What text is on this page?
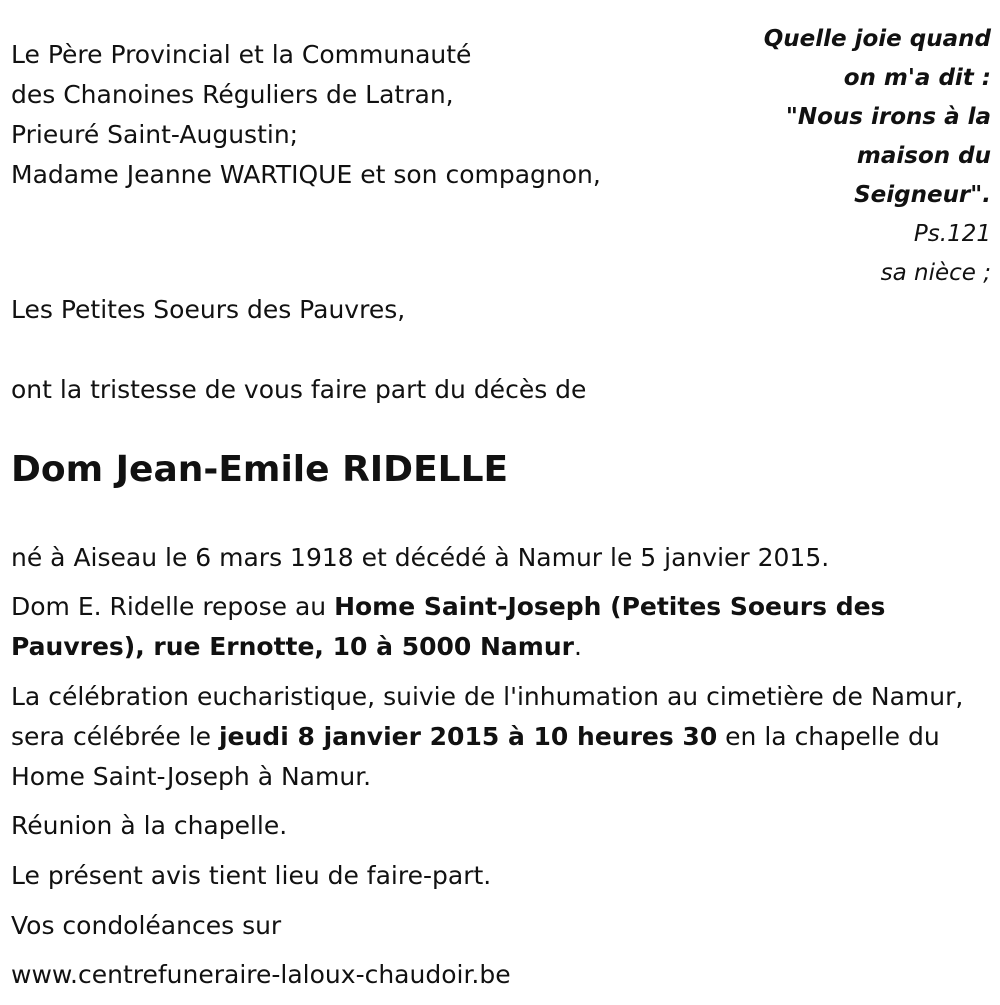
Le Père Provincial et la Communauté

des Chanoines Réguliers de Latran,

Prieuré Saint-Augustin;

Madame Jeanne WARTIQUE et son compagnon,

Quelle joie quand
on m'a dit :
"Nous irons à la
maison du
Seigneur".
Ps.121
sa nièce ;

Les Petites Soeurs des Pauvres,

ont la tristesse de vous faire part du décès de

Dom Jean-Emile RIDELLE

né à Aiseau le 6 mars 1918 et décédé à Namur le 5 janvier 2015.

Dom E. Ridelle repose au Home Saint-Joseph (Petites Soeurs des Pauvres), rue Ernotte, 10 à 5000 Namur.

La célébration eucharistique, suivie de l'inhumation au cimetière de Namur, sera célébrée le jeudi 8 janvier 2015 à 10 heures 30 en la chapelle du Home Saint-Joseph à Namur.

Réunion à la chapelle.

Le présent avis tient lieu de faire-part.

Vos condoléances sur

www.centrefuneraire-laloux-chaudoir.be
